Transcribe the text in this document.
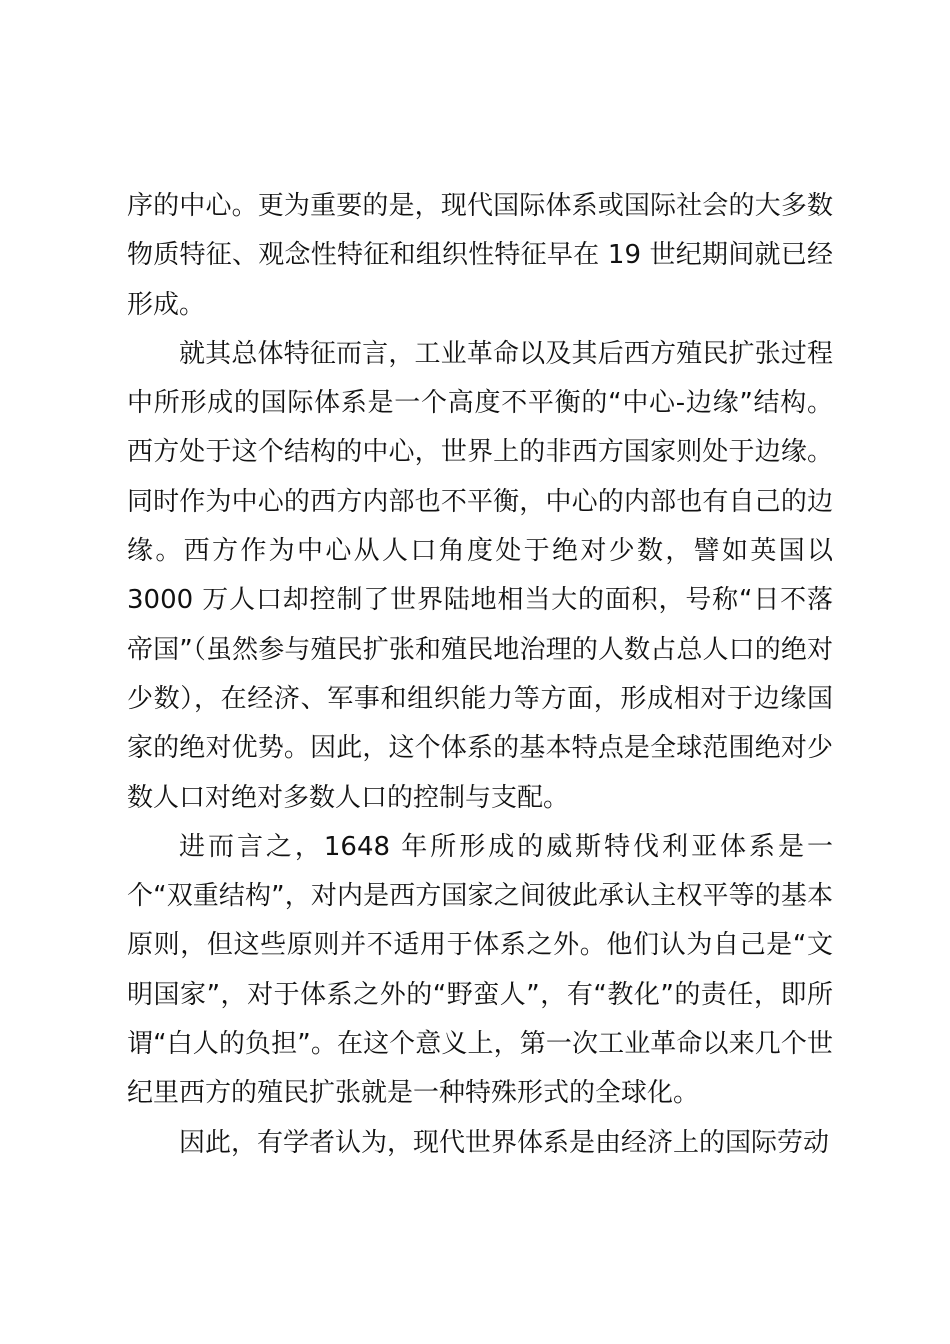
序的中心。更为重要的是，现代国际体系或国际社会的大多数物质特征、观念性特征和组织性特征早在 19 世纪期间就已经形成。

就其总体特征而言，工业革命以及其后西方殖民扩张过程中所形成的国际体系是一个高度不平衡的“中心-边缘”结构。西方处于这个结构的中心，世界上的非西方国家则处于边缘。同时作为中心的西方内部也不平衡，中心的内部也有自己的边缘。西方作为中心从人口角度处于绝对少数，譬如英国以 3000 万人口却控制了世界陆地相当大的面积，号称“日不落帝国”（虽然参与殖民扩张和殖民地治理的人数占总人口的绝对少数），在经济、军事和组织能力等方面，形成相对于边缘国家的绝对优势。因此，这个体系的基本特点是全球范围绝对少数人口对绝对多数人口的控制与支配。

进而言之，1648 年所形成的威斯特伐利亚体系是一个“双重结构”，对内是西方国家之间彼此承认主权平等的基本原则，但这些原则并不适用于体系之外。他们认为自己是“文明国家”，对于体系之外的“野蛮人”，有“教化”的责任，即所谓“白人的负担”。在这个意义上，第一次工业革命以来几个世纪里西方的殖民扩张就是一种特殊形式的全球化。

因此，有学者认为，现代世界体系是由经济上的国际劳动
